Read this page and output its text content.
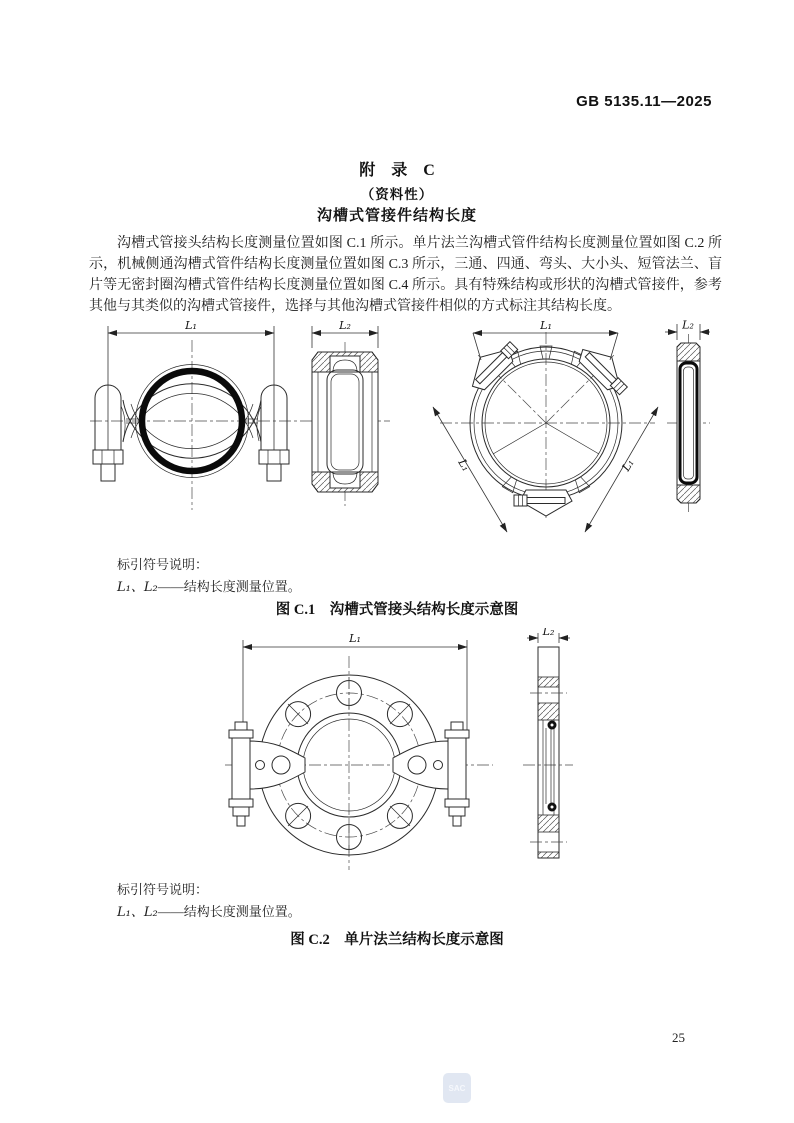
GB 5135.11—2025
附　录　C
（资料性）
沟槽式管接件结构长度

沟槽式管接头结构长度测量位置如图 C.1 所示。单片法兰沟槽式管件结构长度测量位置如图 C.2 所示，机械侧通沟槽式管件结构长度测量位置如图 C.3 所示，三通、四通、弯头、大小头、短管法兰、盲片等无密封圈沟槽式管件结构长度测量位置如图 C.4 所示。具有特殊结构或形状的沟槽式管接件，参考其他与其类似的沟槽式管接件，选择与其他沟槽式管接件相似的方式标注其结构长度。

L₁	L₂	L₁
L₁	L₁
L₂
标引符号说明：
L₁、L₂——结构长度测量位置。
图 C.1　沟槽式管接头结构长度示意图
L₁
L₂
标引符号说明：
L₁、L₂——结构长度测量位置。
图 C.2　单片法兰结构长度示意图
25
SAC
